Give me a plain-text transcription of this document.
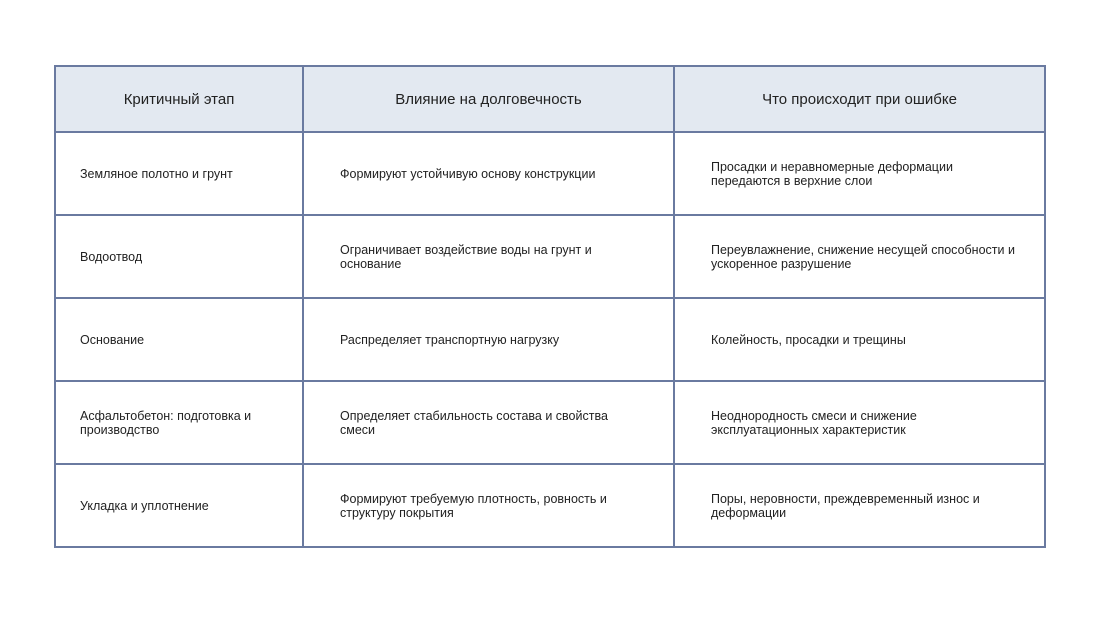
Критичный этап	Влияние на долговечность	Что происходит при ошибке
Земляное полотно и грунт	Формируют устойчивую основу конструкции	Просадки и неравномерные деформации передаются в верхние слои
Водоотвод	Ограничивает воздействие воды на грунт и основание	Переувлажнение, снижение несущей способности и ускоренное разрушение
Основание	Распределяет транспортную нагрузку	Колейность, просадки и трещины
Асфальтобетон: подготовка и производство	Определяет стабильность состава и свойства смеси	Неоднородность смеси и снижение эксплуатационных характеристик
Укладка и уплотнение	Формируют требуемую плотность, ровность и структуру покрытия	Поры, неровности, преждевременный износ и деформации
